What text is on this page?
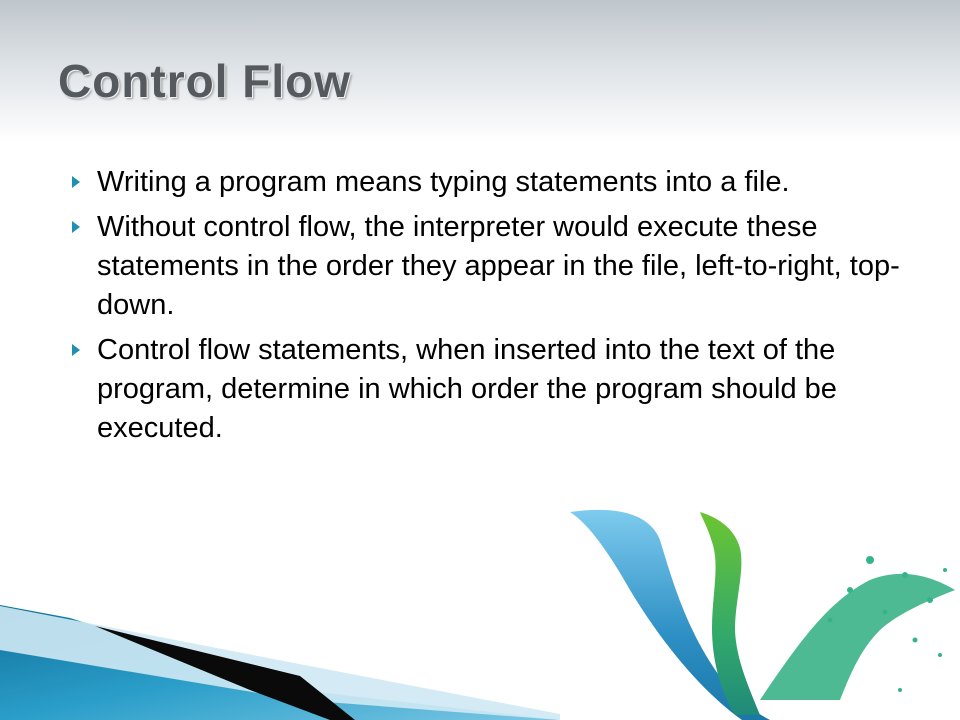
Control Flow
Writing a program means typing statements into a file.
Without control flow, the interpreter would execute these statements in the order they appear in the file, left-to-right, top-down.
Control flow statements, when inserted into the text of the program, determine in which order the program should be executed.
